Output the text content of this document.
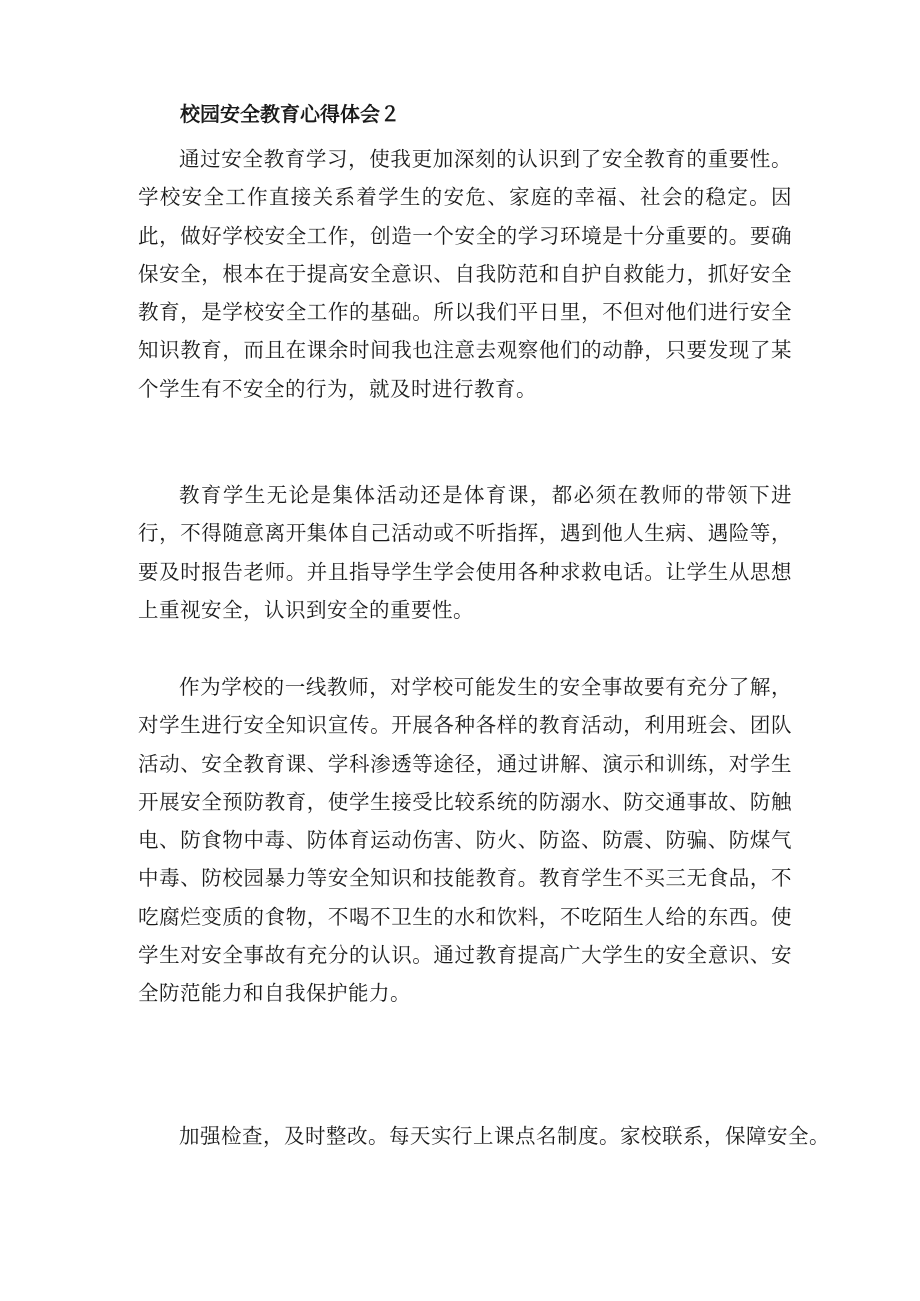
校园安全教育心得体会２

通过安全教育学习，使我更加深刻的认识到了安全教育的重要性。学校安全工作直接关系着学生的安危、家庭的幸福、社会的稳定。因此，做好学校安全工作，创造一个安全的学习环境是十分重要的。要确保安全，根本在于提高安全意识、自我防范和自护自救能力，抓好安全教育，是学校安全工作的基础。所以我们平日里，不但对他们进行安全知识教育，而且在课余时间我也注意去观察他们的动静，只要发现了某个学生有不安全的行为，就及时进行教育。

教育学生无论是集体活动还是体育课，都必须在教师的带领下进行，不得随意离开集体自己活动或不听指挥，遇到他人生病、遇险等，要及时报告老师。并且指导学生学会使用各种求救电话。让学生从思想上重视安全，认识到安全的重要性。

作为学校的一线教师，对学校可能发生的安全事故要有充分了解，对学生进行安全知识宣传。开展各种各样的教育活动，利用班会、团队活动、安全教育课、学科渗透等途径，通过讲解、演示和训练，对学生开展安全预防教育，使学生接受比较系统的防溺水、防交通事故、防触电、防食物中毒、防体育运动伤害、防火、防盗、防震、防骗、防煤气中毒、防校园暴力等安全知识和技能教育。教育学生不买三无食品，不吃腐烂变质的食物，不喝不卫生的水和饮料，不吃陌生人给的东西。使学生对安全事故有充分的认识。通过教育提高广大学生的安全意识、安全防范能力和自我保护能力。

加强检查，及时整改。每天实行上课点名制度。家校联系，保障安全。
